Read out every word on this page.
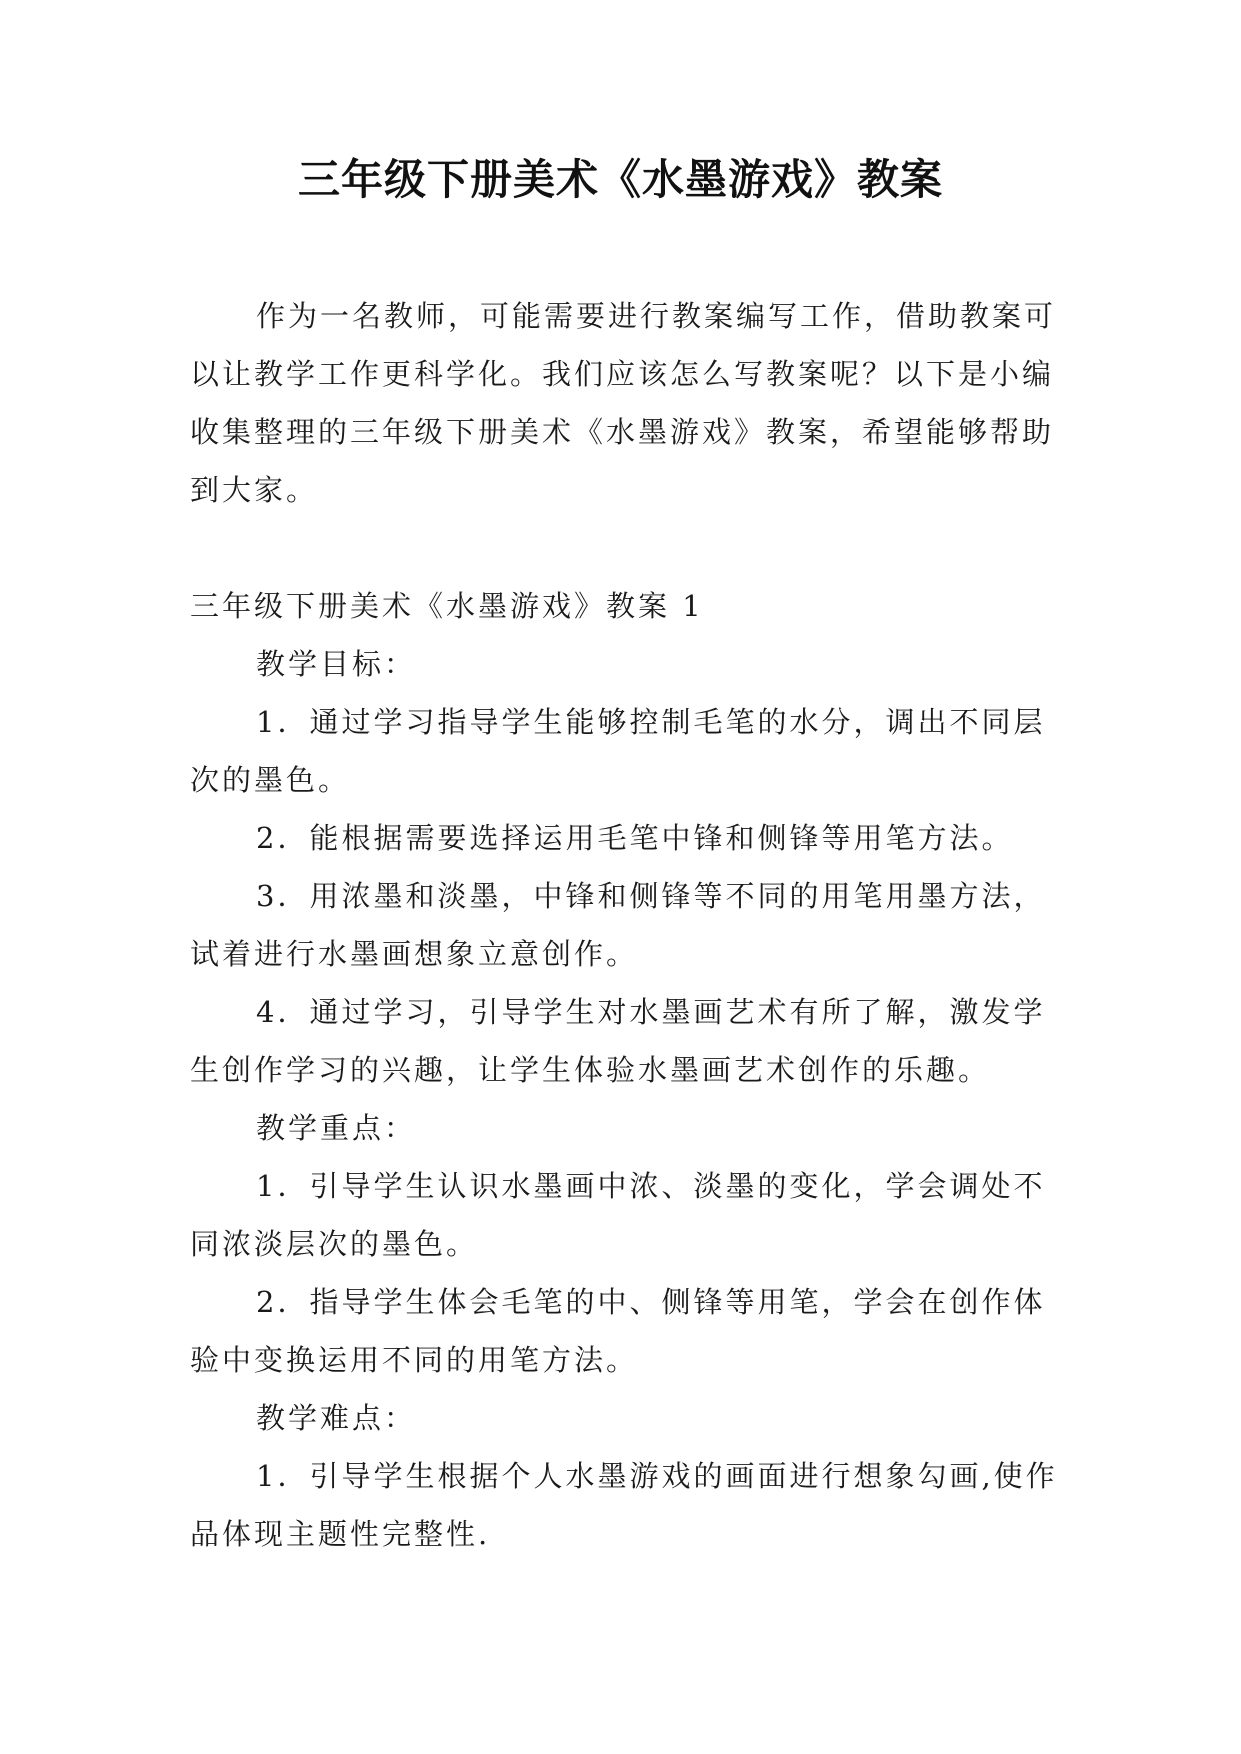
三年级下册美术《水墨游戏》教案

作为一名教师，可能需要进行教案编写工作，借助教案可以让教学工作更科学化。我们应该怎么写教案呢？以下是小编收集整理的三年级下册美术《水墨游戏》教案，希望能够帮助到大家。

三年级下册美术《水墨游戏》教案 1

教学目标：

1．通过学习指导学生能够控制毛笔的水分，调出不同层次的墨色。

2．能根据需要选择运用毛笔中锋和侧锋等用笔方法。

3．用浓墨和淡墨，中锋和侧锋等不同的用笔用墨方法，试着进行水墨画想象立意创作。

4．通过学习，引导学生对水墨画艺术有所了解，激发学生创作学习的兴趣，让学生体验水墨画艺术创作的乐趣。

教学重点：

1．引导学生认识水墨画中浓、淡墨的变化，学会调处不同浓淡层次的墨色。

2．指导学生体会毛笔的中、侧锋等用笔，学会在创作体验中变换运用不同的用笔方法。

教学难点：

1．引导学生根据个人水墨游戏的画面进行想象勾画,使作品体现主题性完整性.
